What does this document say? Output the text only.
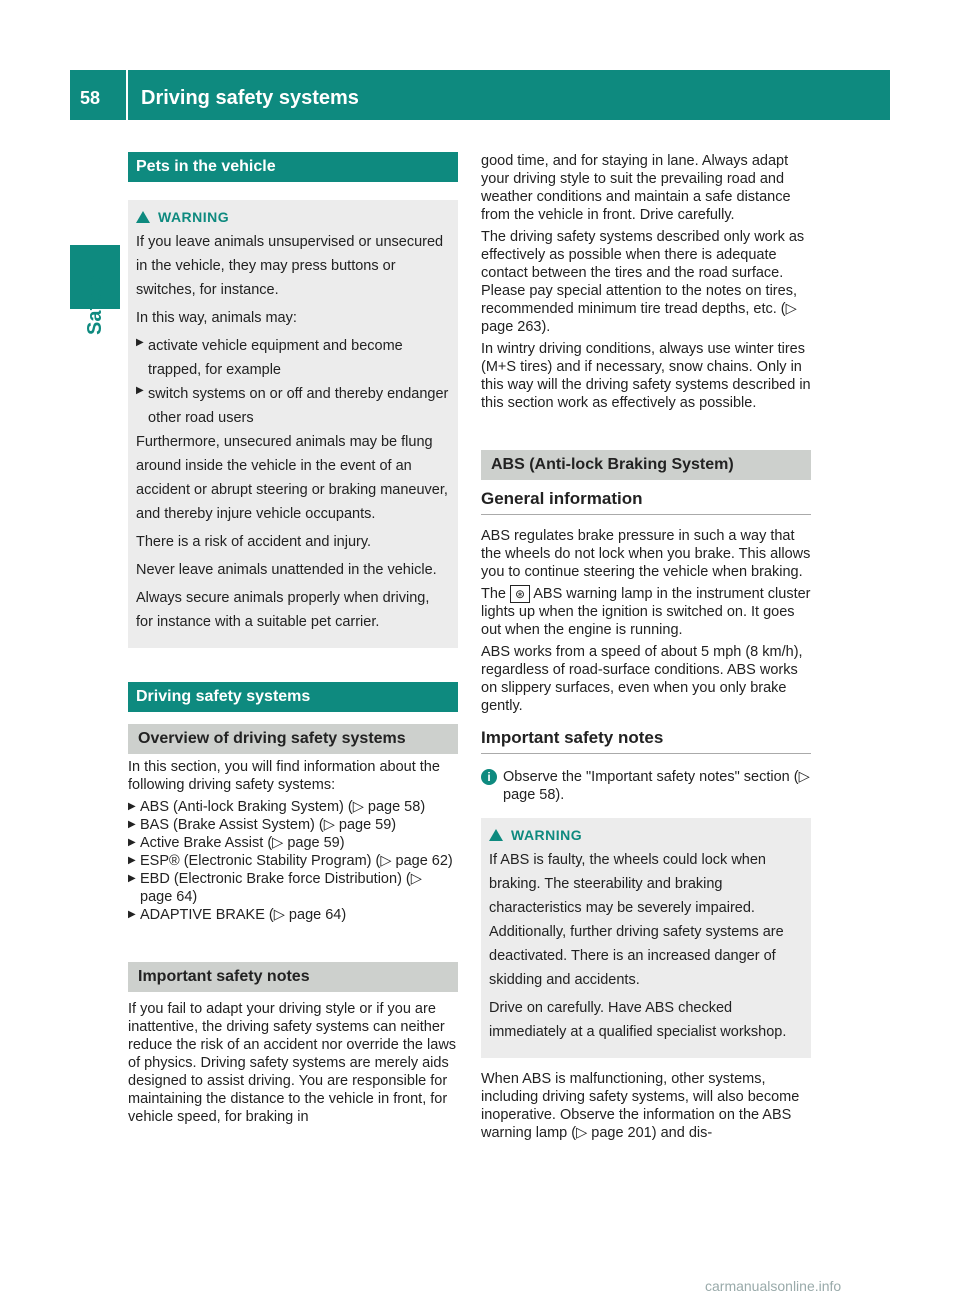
58 Driving safety systems
Safety
Pets in the vehicle
WARNING

If you leave animals unsupervised or unsecured in the vehicle, they may press buttons or switches, for instance.

In this way, animals may:

▶ activate vehicle equipment and become trapped, for example
▶ switch systems on or off and thereby endanger other road users

Furthermore, unsecured animals may be flung around inside the vehicle in the event of an accident or abrupt steering or braking maneuver, and thereby injure vehicle occupants.

There is a risk of accident and injury.

Never leave animals unattended in the vehicle.

Always secure animals properly when driving, for instance with a suitable pet carrier.

Driving safety systems
Overview of driving safety systems

In this section, you will find information about the following driving safety systems:

▶ ABS (Anti-lock Braking System) (▷ page 58)
▶ BAS (Brake Assist System) (▷ page 59)
▶ Active Brake Assist (▷ page 59)
▶ ESP® (Electronic Stability Program) (▷ page 62)
▶ EBD (Electronic Brake force Distribution) (▷ page 64)
▶ ADAPTIVE BRAKE (▷ page 64)
Important safety notes

If you fail to adapt your driving style or if you are inattentive, the driving safety systems can neither reduce the risk of an accident nor override the laws of physics. Driving safety systems are merely aids designed to assist driving. You are responsible for maintaining the distance to the vehicle in front, for vehicle speed, for braking in

good time, and for staying in lane. Always adapt your driving style to suit the prevailing road and weather conditions and maintain a safe distance from the vehicle in front. Drive carefully.

The driving safety systems described only work as effectively as possible when there is adequate contact between the tires and the road surface. Please pay special attention to the notes on tires, recommended minimum tire tread depths, etc. (▷ page 263).

In wintry driving conditions, always use winter tires (M+S tires) and if necessary, snow chains. Only in this way will the driving safety systems described in this section work as effectively as possible.

ABS (Anti-lock Braking System)
General information

ABS regulates brake pressure in such a way that the wheels do not lock when you brake. This allows you to continue steering the vehicle when braking.

The ⊛ ABS warning lamp in the instrument cluster lights up when the ignition is switched on. It goes out when the engine is running.

ABS works from a speed of about 5 mph (8 km/h), regardless of road-surface conditions. ABS works on slippery surfaces, even when you only brake gently.

Important safety notes
i Observe the "Important safety notes" section (▷ page 58).
WARNING

If ABS is faulty, the wheels could lock when braking. The steerability and braking characteristics may be severely impaired. Additionally, further driving safety systems are deactivated. There is an increased danger of skidding and accidents.

Drive on carefully. Have ABS checked immediately at a qualified specialist workshop.

When ABS is malfunctioning, other systems, including driving safety systems, will also become inoperative. Observe the information on the ABS warning lamp (▷ page 201) and dis-

carmanualsonline.info
